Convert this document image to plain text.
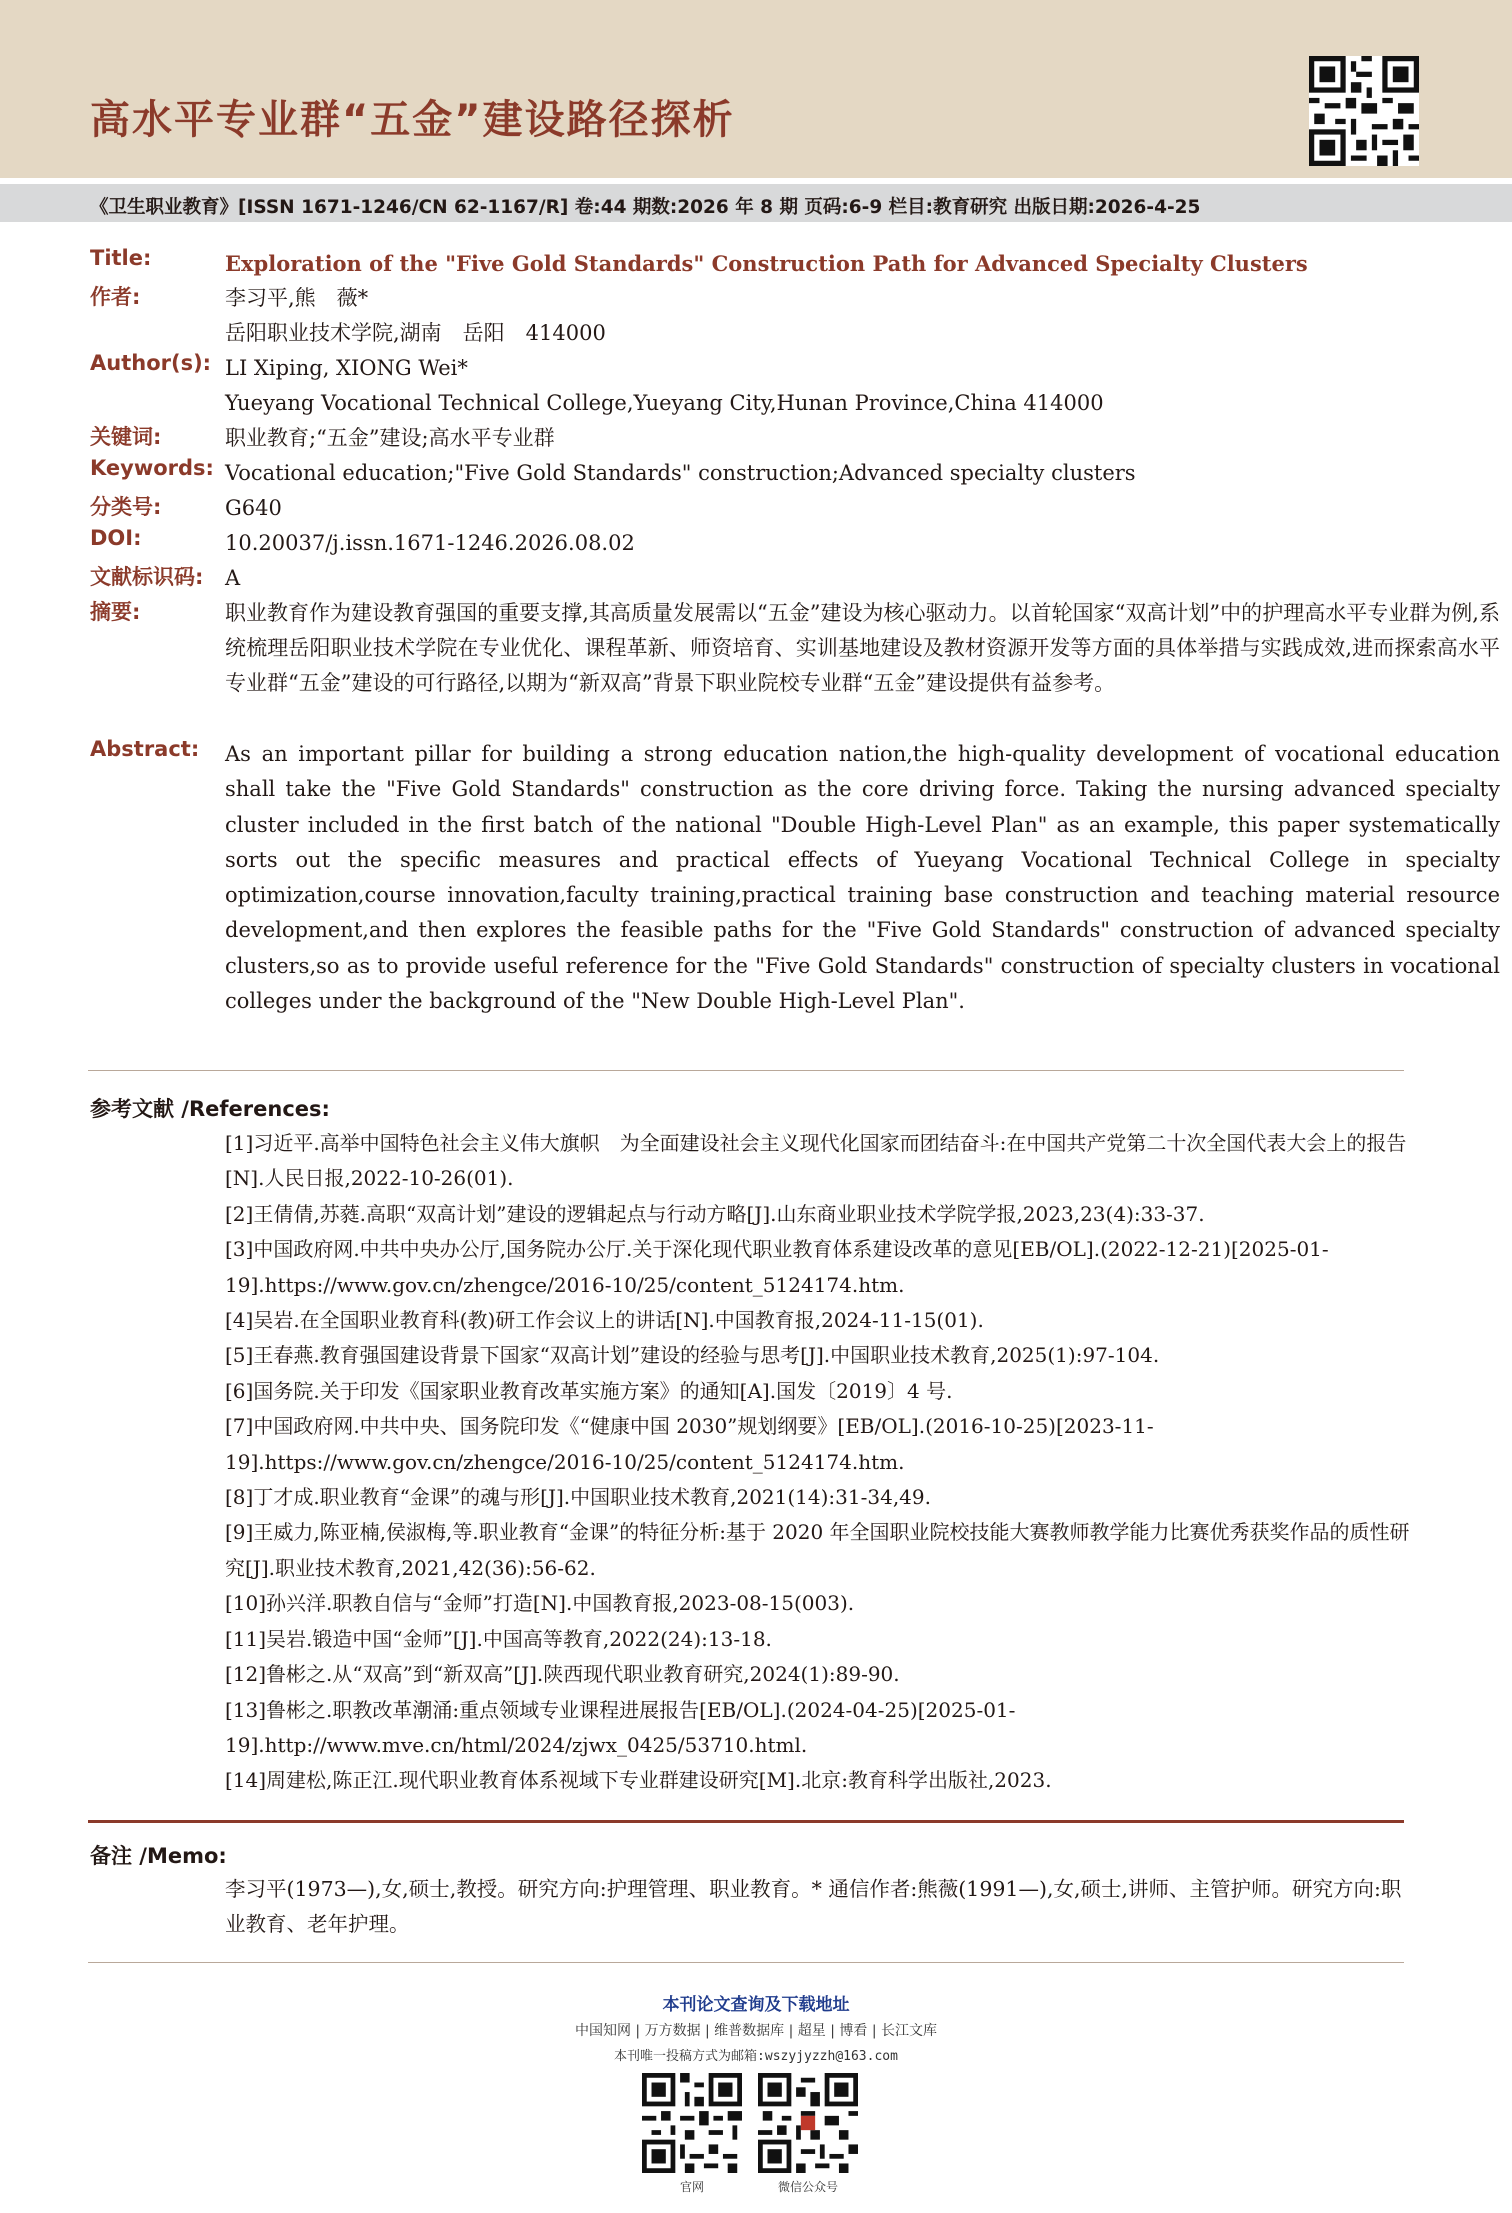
高水平专业群“五金”建设路径探析
《卫生职业教育》[ISSN 1671-1246/CN 62-1167/R] 卷:44 期数:2026 年 8 期 页码:6-9 栏目:教育研究 出版日期:2026-4-25
Title:	Exploration of the "Five Gold Standards" Construction Path for Advanced Specialty Clusters
作者:	李习平,熊　薇*
岳阳职业技术学院,湖南　岳阳　414000
Author(s): LI Xiping, XIONG Wei*
Yueyang Vocational Technical College,Yueyang City,Hunan Province,China 414000
关键词:	职业教育;“五金”建设;高水平专业群
Keywords: Vocational education;"Five Gold Standards" construction;Advanced specialty clusters
分类号:	G640
DOI:	10.20037/j.issn.1671-1246.2026.08.02
文献标识码: A
摘要:	职业教育作为建设教育强国的重要支撑,其高质量发展需以“五金”建设为核心驱动力。以首轮国家“双高计划”中的护理高水平专业群为例,系统梳理岳阳职业技术学院在专业优化、课程革新、师资培育、实训基地建设及教材资源开发等方面的具体举措与实践成效,进而探索高水平专业群“五金”建设的可行路径,以期为“新双高”背景下职业院校专业群“五金”建设提供有益参考。
Abstract: As an important pillar for building a strong education nation,the high-quality development of vocational education shall take the "Five Gold Standards" construction as the core driving force. Taking the nursing advanced specialty cluster included in the first batch of the national "Double High-Level Plan" as an example, this paper systematically sorts out the specific measures and practical effects of Yueyang Vocational Technical College in specialty optimization,course innovation,faculty training,practical training base construction and teaching material resource development,and then explores the feasible paths for the "Five Gold Standards" construction of advanced specialty clusters,so as to provide useful reference for the "Five Gold Standards" construction of specialty clusters in vocational colleges under the background of the "New Double High-Level Plan".
参考文献 /References:

[1]习近平.高举中国特色社会主义伟大旗帜　为全面建设社会主义现代化国家而团结奋斗:在中国共产党第二十次全国代表大会上的报告[N].人民日报,2022-10-26(01).

[2]王倩倩,苏蕤.高职“双高计划”建设的逻辑起点与行动方略[J].山东商业职业技术学院学报,2023,23(4):33-37.

[3]中国政府网.中共中央办公厅,国务院办公厅.关于深化现代职业教育体系建设改革的意见[EB/OL].(2022-12-21)[2025-01-19].https://www.gov.cn/zhengce/2016-10/25/content_5124174.htm.

[4]吴岩.在全国职业教育科(教)研工作会议上的讲话[N].中国教育报,2024-11-15(01).

[5]王春燕.教育强国建设背景下国家“双高计划”建设的经验与思考[J].中国职业技术教育,2025(1):97-104.

[6]国务院.关于印发《国家职业教育改革实施方案》的通知[A].国发〔2019〕4 号.

[7]中国政府网.中共中央、国务院印发《“健康中国 2030”规划纲要》[EB/OL].(2016-10-25)[2023-11-19].https://www.gov.cn/zhengce/2016-10/25/content_5124174.htm.

[8]丁才成.职业教育“金课”的魂与形[J].中国职业技术教育,2021(14):31-34,49.

[9]王威力,陈亚楠,侯淑梅,等.职业教育“金课”的特征分析:基于 2020 年全国职业院校技能大赛教师教学能力比赛优秀获奖作品的质性研究[J].职业技术教育,2021,42(36):56-62.

[10]孙兴洋.职教自信与“金师”打造[N].中国教育报,2023-08-15(003).

[11]吴岩.锻造中国“金师”[J].中国高等教育,2022(24):13-18.

[12]鲁彬之.从“双高”到“新双高”[J].陕西现代职业教育研究,2024(1):89-90.

[13]鲁彬之.职教改革潮涌:重点领域专业课程进展报告[EB/OL].(2024-04-25)[2025-01-19].http://www.mve.cn/html/2024/zjwx_0425/53710.html.

[14]周建松,陈正江.现代职业教育体系视域下专业群建设研究[M].北京:教育科学出版社,2023.

备注 /Memo:
李习平(1973—),女,硕士,教授。研究方向:护理管理、职业教育。* 通信作者:熊薇(1991—),女,硕士,讲师、主管护师。研究方向:职业教育、老年护理。
本刊论文查询及下载地址
中国知网 | 万方数据 | 维普数据库 | 超星 | 博看 | 长江文库
本刊唯一投稿方式为邮箱:wszyjyzzh@163.com
官网	微信公众号
